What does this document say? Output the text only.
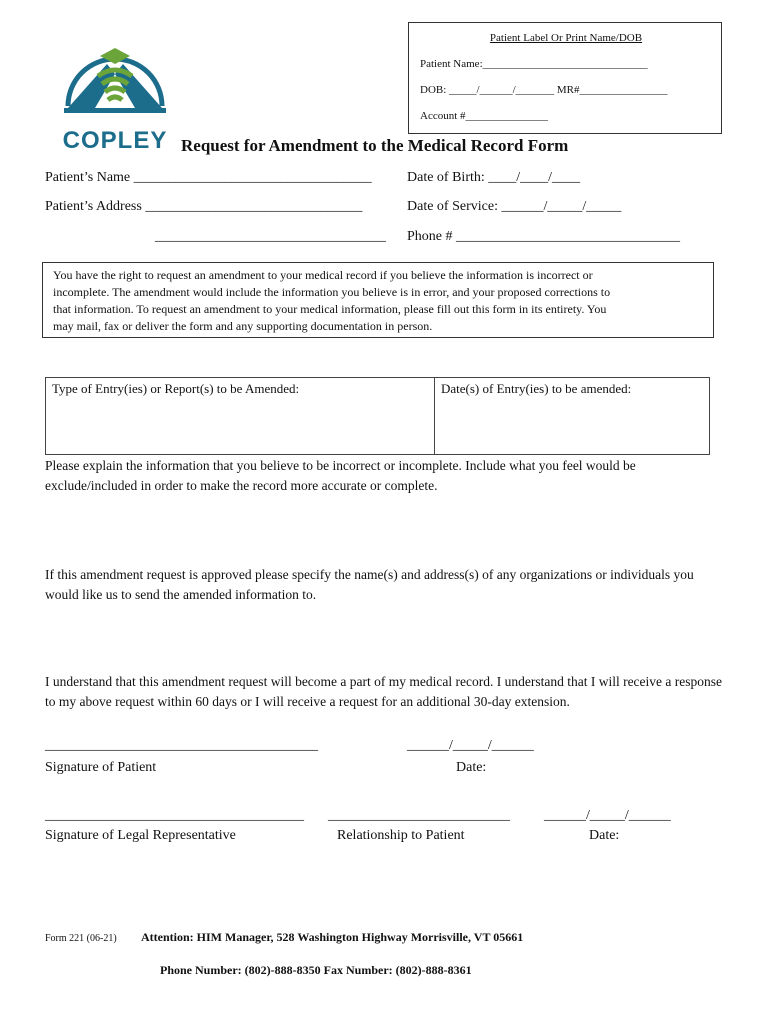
COPLEY
Patient Label Or Print Name/DOB
Patient Name:______________________________
DOB: _____/______/_______ MR#________________
Account #_______________
Request for Amendment to the Medical Record Form
Patient’s Name __________________________________	Date of Birth: ____/____/____
Patient’s Address _______________________________	Date of Service: ______/_____/_____
_________________________________ Phone # ________________________________
You have the right to request an amendment to your medical record if you believe the information is incorrect or
incomplete. The amendment would include the information you believe is in error, and your proposed corrections to
that information. To request an amendment to your medical information, please fill out this form in its entirety. You
may mail, fax or deliver the form and any supporting documentation in person.
Type of Entry(ies) or Report(s) to be Amended:	Date(s) of Entry(ies) to be amended:
Please explain the information that you believe to be incorrect or incomplete. Include what you feel would be exclude/included in order to make the record more accurate or complete.
If this amendment request is approved please specify the name(s) and address(s) of any organizations or individuals you would like us to send the amended information to.
I understand that this amendment request will become a part of my medical record. I understand that I will receive a response to my above request within 60 days or I will receive a request for an additional 30-day extension.
_______________________________________
Signature of Patient
______/_____/______
Date:
_____________________________________
Signature of Legal Representative
__________________________
Relationship to Patient
______/_____/______
Date:
Form 221 (06-21) Attention: HIM Manager, 528 Washington Highway Morrisville, VT 05661
Phone Number: (802)-888-8350 Fax Number: (802)-888-8361
